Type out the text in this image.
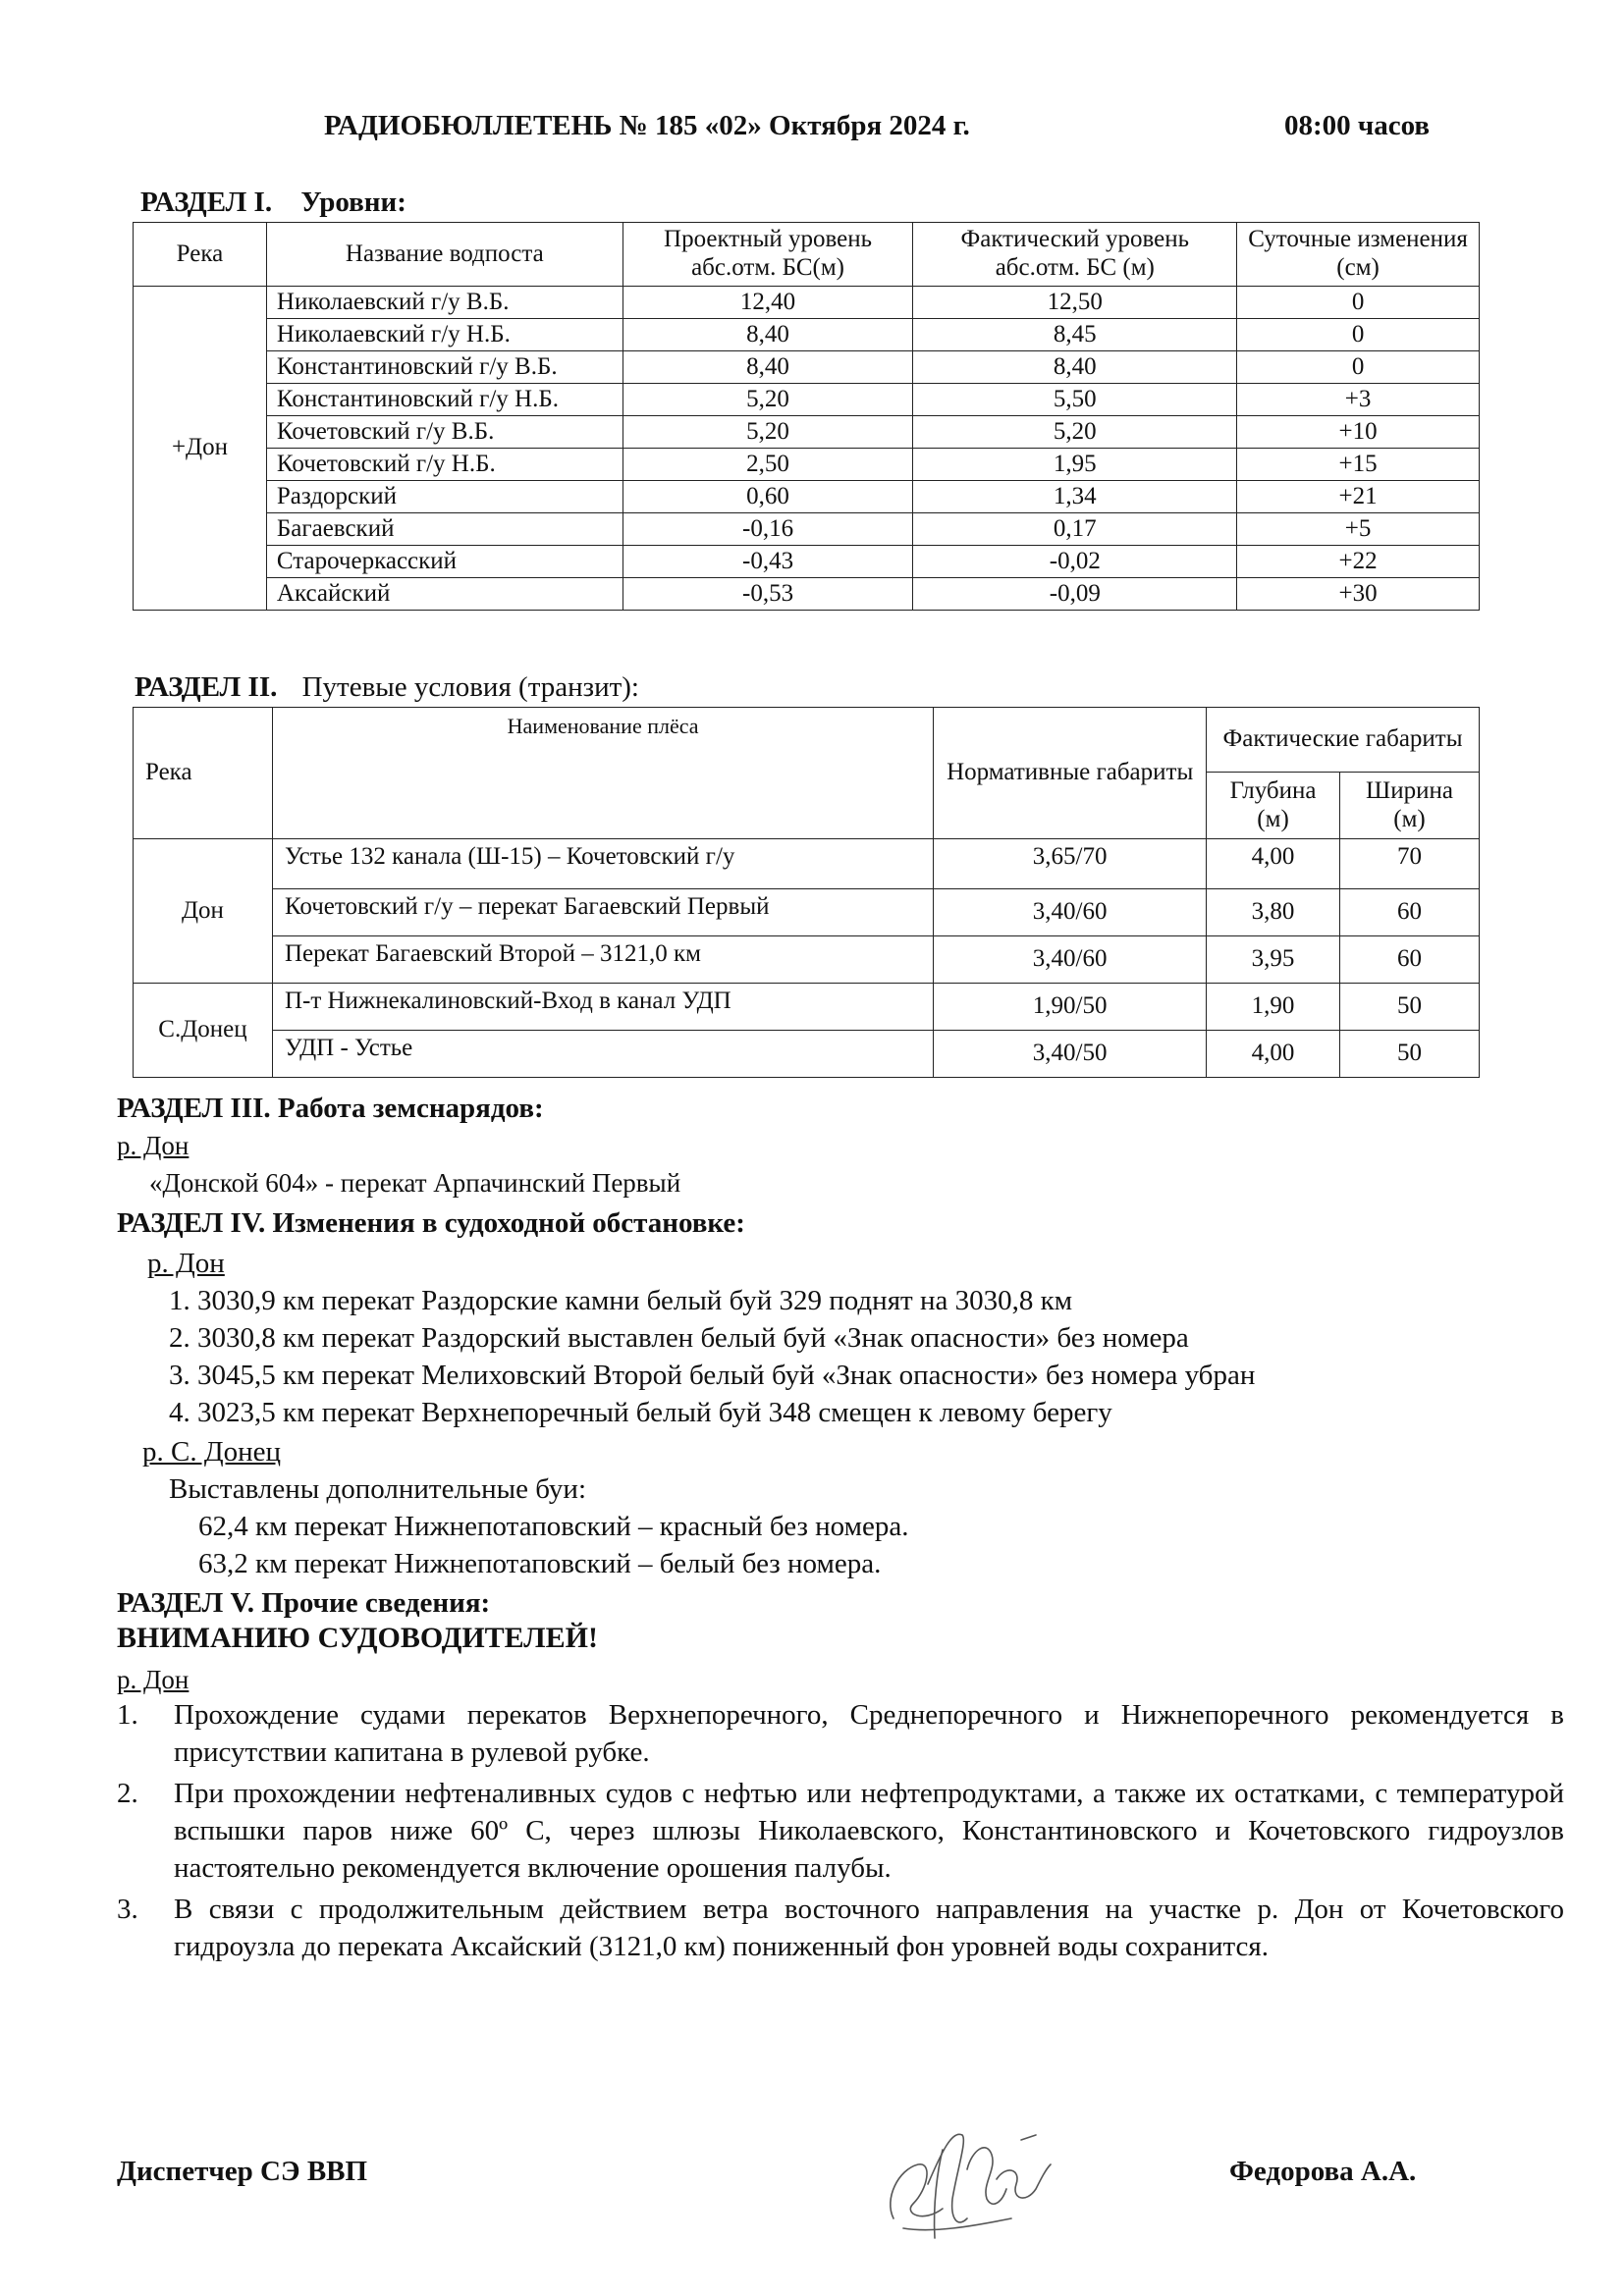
РАДИОБЮЛЛЕТЕНЬ № 185 «02» Октября 2024 г.	08:00 часов
РАЗДЕЛ I. Уровни:
Река	Название водпоста	Проектный уровень абс.отм. БС(м)	Фактический уровень абс.отм. БС (м)	Суточные изменения (см)
+Дон	Николаевский г/у В.Б.	12,40	12,50	0
	Николаевский г/у Н.Б.	8,40	8,45	0
	Константиновский г/у В.Б.	8,40	8,40	0
	Константиновский г/у Н.Б.	5,20	5,50	+3
	Кочетовский г/у В.Б.	5,20	5,20	+10
	Кочетовский г/у Н.Б.	2,50	1,95	+15
	Раздорский	0,60	1,34	+21
	Багаевский	-0,16	0,17	+5
	Старочеркасский	-0,43	-0,02	+22
	Аксайский	-0,53	-0,09	+30
РАЗДЕЛ II. Путевые условия (транзит):
Река	Наименование плёса	Нормативные габариты	Фактические габариты	
			Глубина (м)	Ширина (м)
Дон	Устье 132 канала (Ш-15) – Кочетовский г/у	3,65/70	4,00	70
	Кочетовский г/у – перекат Багаевский Первый	3,40/60	3,80	60
	Перекат Багаевский Второй – 3121,0 км	3,40/60	3,95	60
С.Донец	П-т Нижнекалиновский-Вход в канал УДП	1,90/50	1,90	50
	УДП - Устье	3,40/50	4,00	50
РАЗДЕЛ III. Работа земснарядов:
р. Дон
«Донской 604» - перекат Арпачинский Первый
РАЗДЕЛ IV. Изменения в судоходной обстановке:
р. Дон
1. 3030,9 км перекат Раздорские камни белый буй 329 поднят на 3030,8 км
2. 3030,8 км перекат Раздорский выставлен белый буй «Знак опасности» без номера
3. 3045,5 км перекат Мелиховский Второй белый буй «Знак опасности» без номера убран
4. 3023,5 км перекат Верхнепоречный белый буй 348 смещен к левому берегу
р. С. Донец
Выставлены дополнительные буи:
62,4 км перекат Нижнепотаповский – красный без номера.
63,2 км перекат Нижнепотаповский – белый без номера.
РАЗДЕЛ V. Прочие сведения:
ВНИМАНИЮ СУДОВОДИТЕЛЕЙ!
р. Дон
1. Прохождение судами перекатов Верхнепоречного, Среднепоречного и Нижнепоречного рекомендуется в присутствии капитана в рулевой рубке.
2. При прохождении нефтеналивных судов с нефтью или нефтепродуктами, а также их остатками, с температурой вспышки паров ниже 60º С, через шлюзы Николаевского, Константиновского и Кочетовского гидроузлов настоятельно рекомендуется включение орошения палубы.
3. В связи с продолжительным действием ветра восточного направления на участке р. Дон от Кочетовского гидроузла до переката Аксайский (3121,0 км) пониженный фон уровней воды сохранится.
Диспетчер СЭ ВВП	Федорова А.А.
